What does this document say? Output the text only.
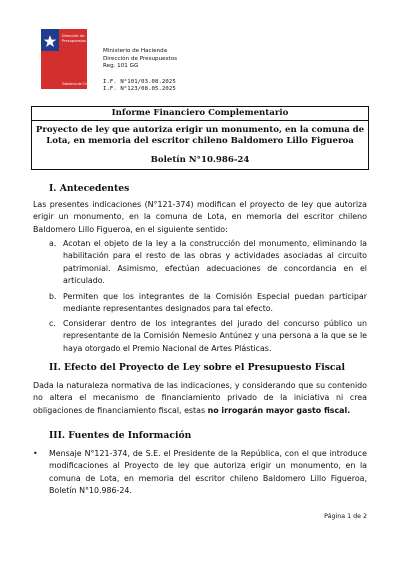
Dirección de
Presupuestos
Gobierno de Chile
Ministerio de Hacienda
Dirección de Presupuestos
Reg. 101 GG
I.F. N°101/03.08.2025
I.F. N°123/08.05.2025
Informe Financiero Complementario
Proyecto de ley que autoriza erigir un monumento, en la comuna de Lota, en memoria del escritor chileno Baldomero Lillo Figueroa
Boletín N°10.986-24
I. Antecedentes
Las presentes indicaciones (N°121-374) modifican el proyecto de ley que autoriza erigir un monumento, en la comuna de Lota, en memoria del escritor chileno Baldomero Lillo Figueroa, en el siguiente sentido:
a. Acotan el objeto de la ley a la construcción del monumento, eliminando la habilitación para el resto de las obras y actividades asociadas al circuito patrimonial. Asimismo, efectúan adecuaciones de concordancia en el articulado.
b. Permiten que los integrantes de la Comisión Especial puedan participar mediante representantes designados para tal efecto.
c. Considerar dentro de los integrantes del jurado del concurso público un representante de la Comisión Nemesio Antúnez y una persona a la que se le haya otorgado el Premio Nacional de Artes Plásticas.
II. Efecto del Proyecto de Ley sobre el Presupuesto Fiscal
Dada la naturaleza normativa de las indicaciones, y considerando que su contenido no altera el mecanismo de financiamiento privado de la iniciativa ni crea obligaciones de financiamiento fiscal, estas no irrogarán mayor gasto fiscal.
III. Fuentes de Información
• Mensaje N°121-374, de S.E. el Presidente de la República, con el que introduce modificaciones al Proyecto de ley que autoriza erigir un monumento, en la comuna de Lota, en memoria del escritor chileno Baldomero Lillo Figueroa, Boletín N°10.986-24.
Página 1 de 2
